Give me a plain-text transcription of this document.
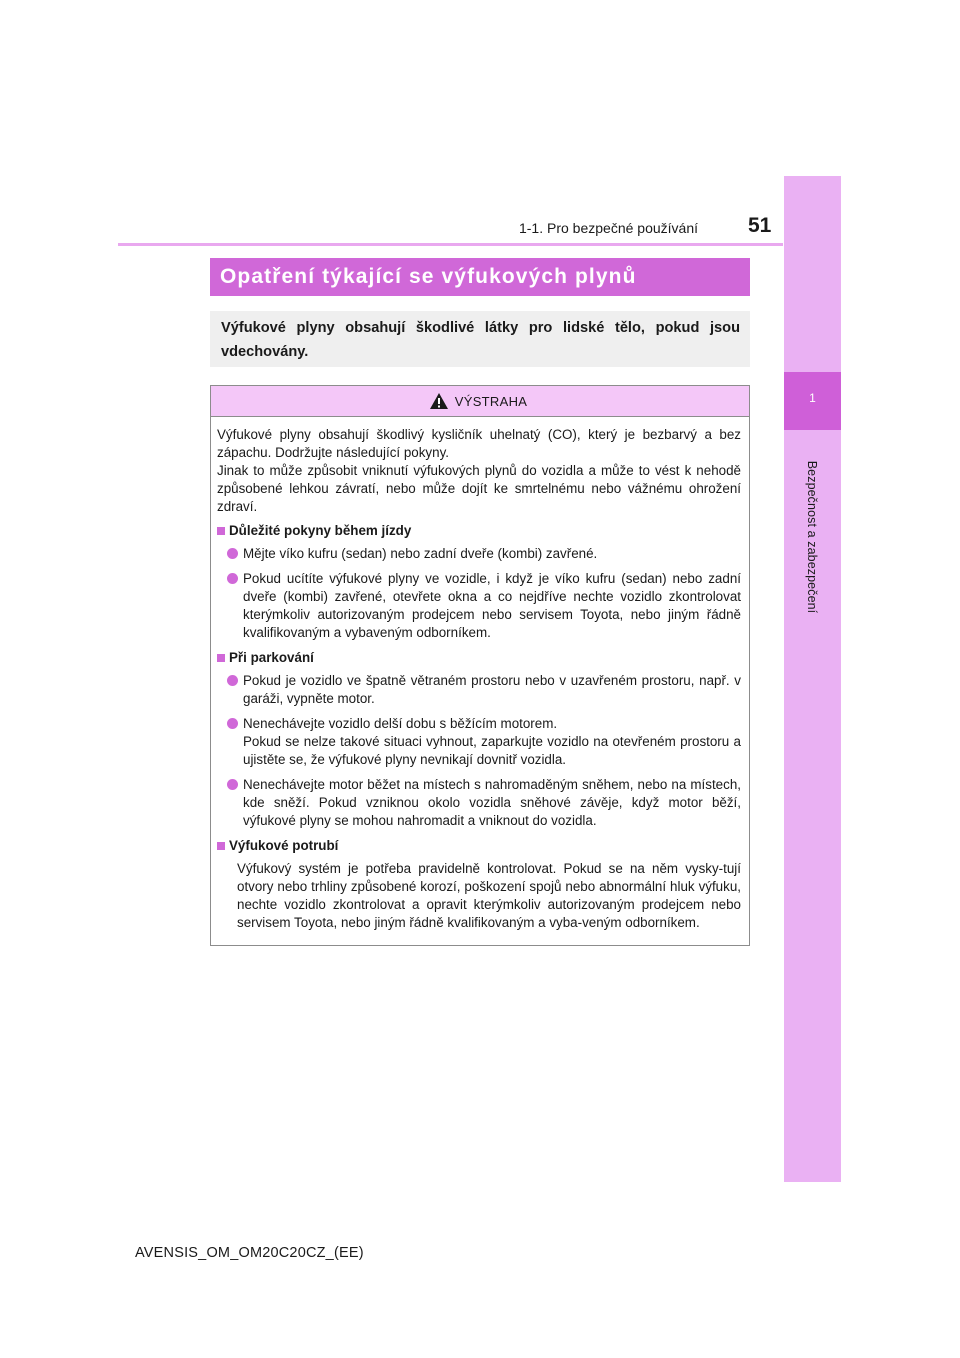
1-1. Pro bezpečné používání 51
1
Bezpečnost a zabezpečení
Opatření týkající se výfukových plynů
Výfukové plyny obsahují škodlivé látky pro lidské tělo, pokud jsou vdechovány.
VÝSTRAHA
Výfukové plyny obsahují škodlivý kysličník uhelnatý (CO), který je bezbarvý a bez zápachu. Dodržujte následující pokyny.
Jinak to může způsobit vniknutí výfukových plynů do vozidla a může to vést k nehodě způsobené lehkou závratí, nebo může dojít ke smrtelnému nebo vážnému ohrožení zdraví.
Důležité pokyny během jízdy
Mějte víko kufru (sedan) nebo zadní dveře (kombi) zavřené.
Pokud ucítíte výfukové plyny ve vozidle, i když je víko kufru (sedan) nebo zadní dveře (kombi) zavřené, otevřete okna a co nejdříve nechte vozidlo zkontrolovat kterýmkoliv autorizovaným prodejcem nebo servisem Toyota, nebo jiným řádně kvalifikovaným a vybaveným odborníkem.
Při parkování
Pokud je vozidlo ve špatně větraném prostoru nebo v uzavřeném prostoru, např. v garáži, vypněte motor.
Nenechávejte vozidlo delší dobu s běžícím motorem.
Pokud se nelze takové situaci vyhnout, zaparkujte vozidlo na otevřeném prostoru a ujistěte se, že výfukové plyny nevnikají dovnitř vozidla.
Nenechávejte motor běžet na místech s nahromaděným sněhem, nebo na místech, kde sněží. Pokud vzniknou okolo vozidla sněhové závěje, když motor běží, výfukové plyny se mohou nahromadit a vniknout do vozidla.
Výfukové potrubí
Výfukový systém je potřeba pravidelně kontrolovat. Pokud se na něm vysky-tují otvory nebo trhliny způsobené korozí, poškození spojů nebo abnormální hluk výfuku, nechte vozidlo zkontrolovat a opravit kterýmkoliv autorizovaným prodejcem nebo servisem Toyota, nebo jiným řádně kvalifikovaným a vyba-veným odborníkem.
AVENSIS_OM_OM20C20CZ_(EE)
